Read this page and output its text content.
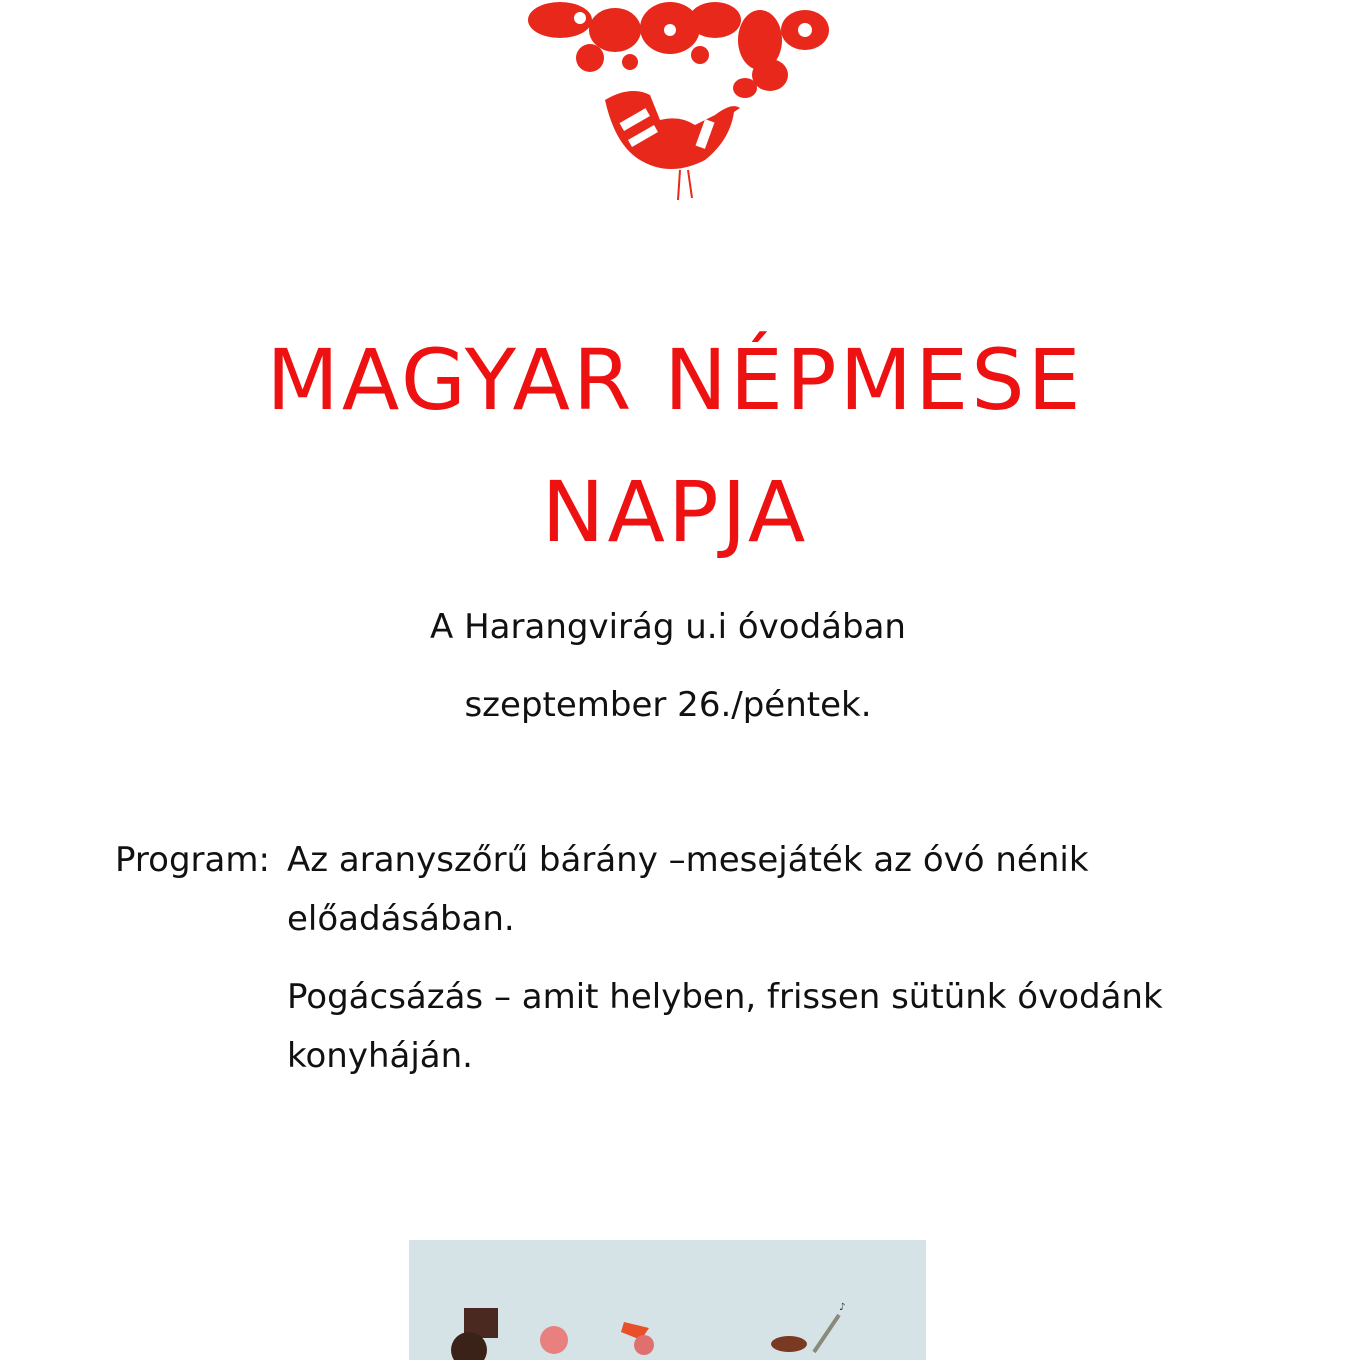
MAGYAR NÉPMESE
NAPJA
A Harangvirág u.i óvodában
szeptember 26./péntek.
Program: Az aranyszőrű bárány –mesejáték az óvó nénik
előadásában.
Pogácsázás – amit helyben, frissen sütünk óvodánk
konyháján.
♪
